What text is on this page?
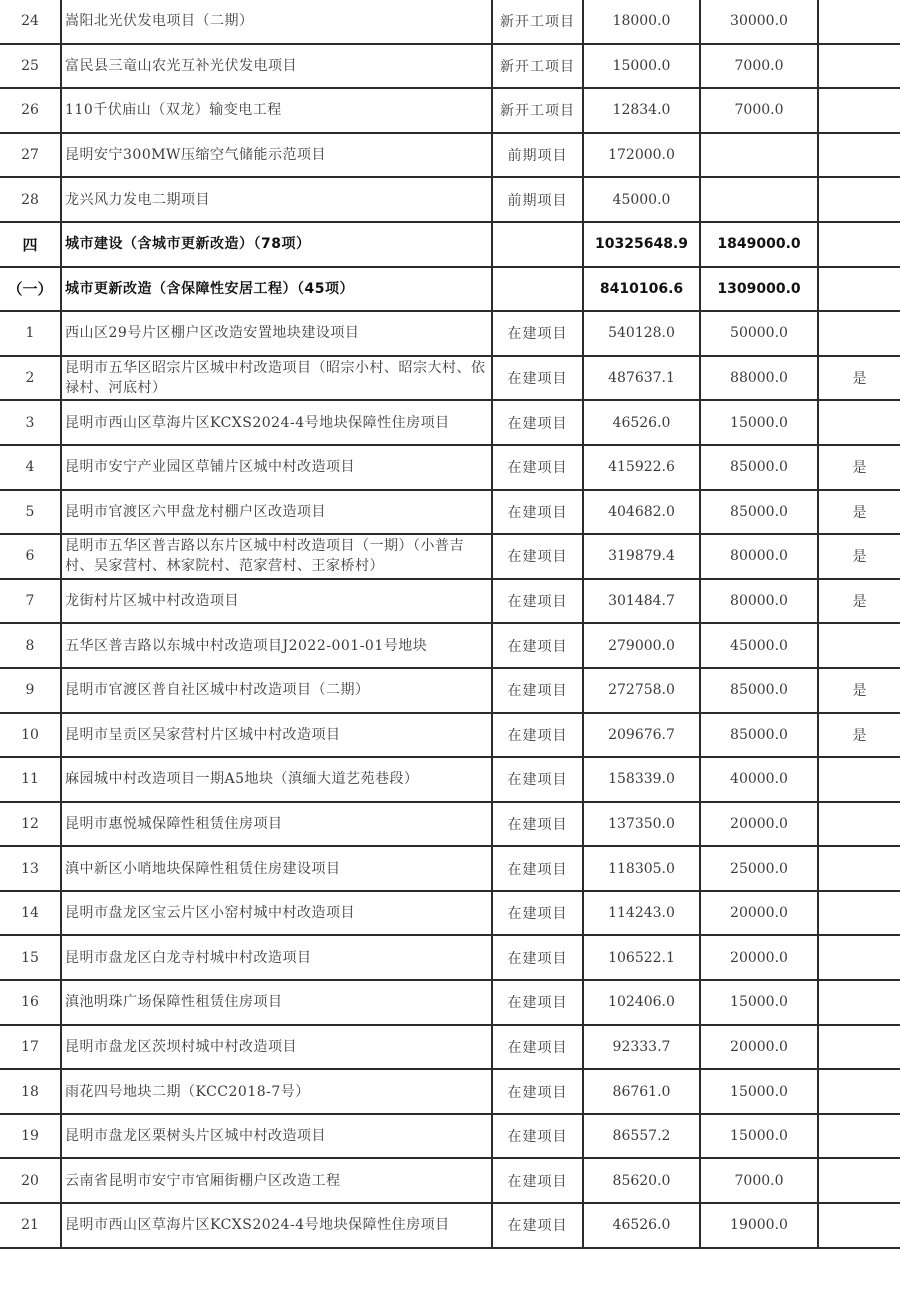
24	嵩阳北光伏发电项目（二期）	新开工项目	18000.0	30000.0	
25	富民县三竜山农光互补光伏发电项目	新开工项目	15000.0	7000.0	
26	110千伏庙山（双龙）输变电工程	新开工项目	12834.0	7000.0	
27	昆明安宁300MW压缩空气储能示范项目	前期项目	172000.0		
28	龙兴风力发电二期项目	前期项目	45000.0		
四	城市建设（含城市更新改造）（78项）		10325648.9	1849000.0	
（一）	城市更新改造（含保障性安居工程）（45项）		8410106.6	1309000.0	
1	西山区29号片区棚户区改造安置地块建设项目	在建项目	540128.0	50000.0	
2	昆明市五华区昭宗片区城中村改造项目（昭宗小村、昭宗大村、依禄村、河底村）	在建项目	487637.1	88000.0	是
3	昆明市西山区草海片区KCXS2024-4号地块保障性住房项目	在建项目	46526.0	15000.0	
4	昆明市安宁产业园区草铺片区城中村改造项目	在建项目	415922.6	85000.0	是
5	昆明市官渡区六甲盘龙村棚户区改造项目	在建项目	404682.0	85000.0	是
6	昆明市五华区普吉路以东片区城中村改造项目（一期）（小普吉村、吴家营村、林家院村、范家营村、王家桥村）	在建项目	319879.4	80000.0	是
7	龙街村片区城中村改造项目	在建项目	301484.7	80000.0	是
8	五华区普吉路以东城中村改造项目J2022-001-01号地块	在建项目	279000.0	45000.0	
9	昆明市官渡区普自社区城中村改造项目（二期）	在建项目	272758.0	85000.0	是
10	昆明市呈贡区吴家营村片区城中村改造项目	在建项目	209676.7	85000.0	是
11	麻园城中村改造项目一期A5地块（滇缅大道艺苑巷段）	在建项目	158339.0	40000.0	
12	昆明市惠悦城保障性租赁住房项目	在建项目	137350.0	20000.0	
13	滇中新区小哨地块保障性租赁住房建设项目	在建项目	118305.0	25000.0	
14	昆明市盘龙区宝云片区小窑村城中村改造项目	在建项目	114243.0	20000.0	
15	昆明市盘龙区白龙寺村城中村改造项目	在建项目	106522.1	20000.0	
16	滇池明珠广场保障性租赁住房项目	在建项目	102406.0	15000.0	
17	昆明市盘龙区茨坝村城中村改造项目	在建项目	92333.7	20000.0	
18	雨花四号地块二期（KCC2018-7号）	在建项目	86761.0	15000.0	
19	昆明市盘龙区栗树头片区城中村改造项目	在建项目	86557.2	15000.0	
20	云南省昆明市安宁市官厢街棚户区改造工程	在建项目	85620.0	7000.0	
21	昆明市西山区草海片区KCXS2024-4号地块保障性住房项目	在建项目	46526.0	19000.0	
